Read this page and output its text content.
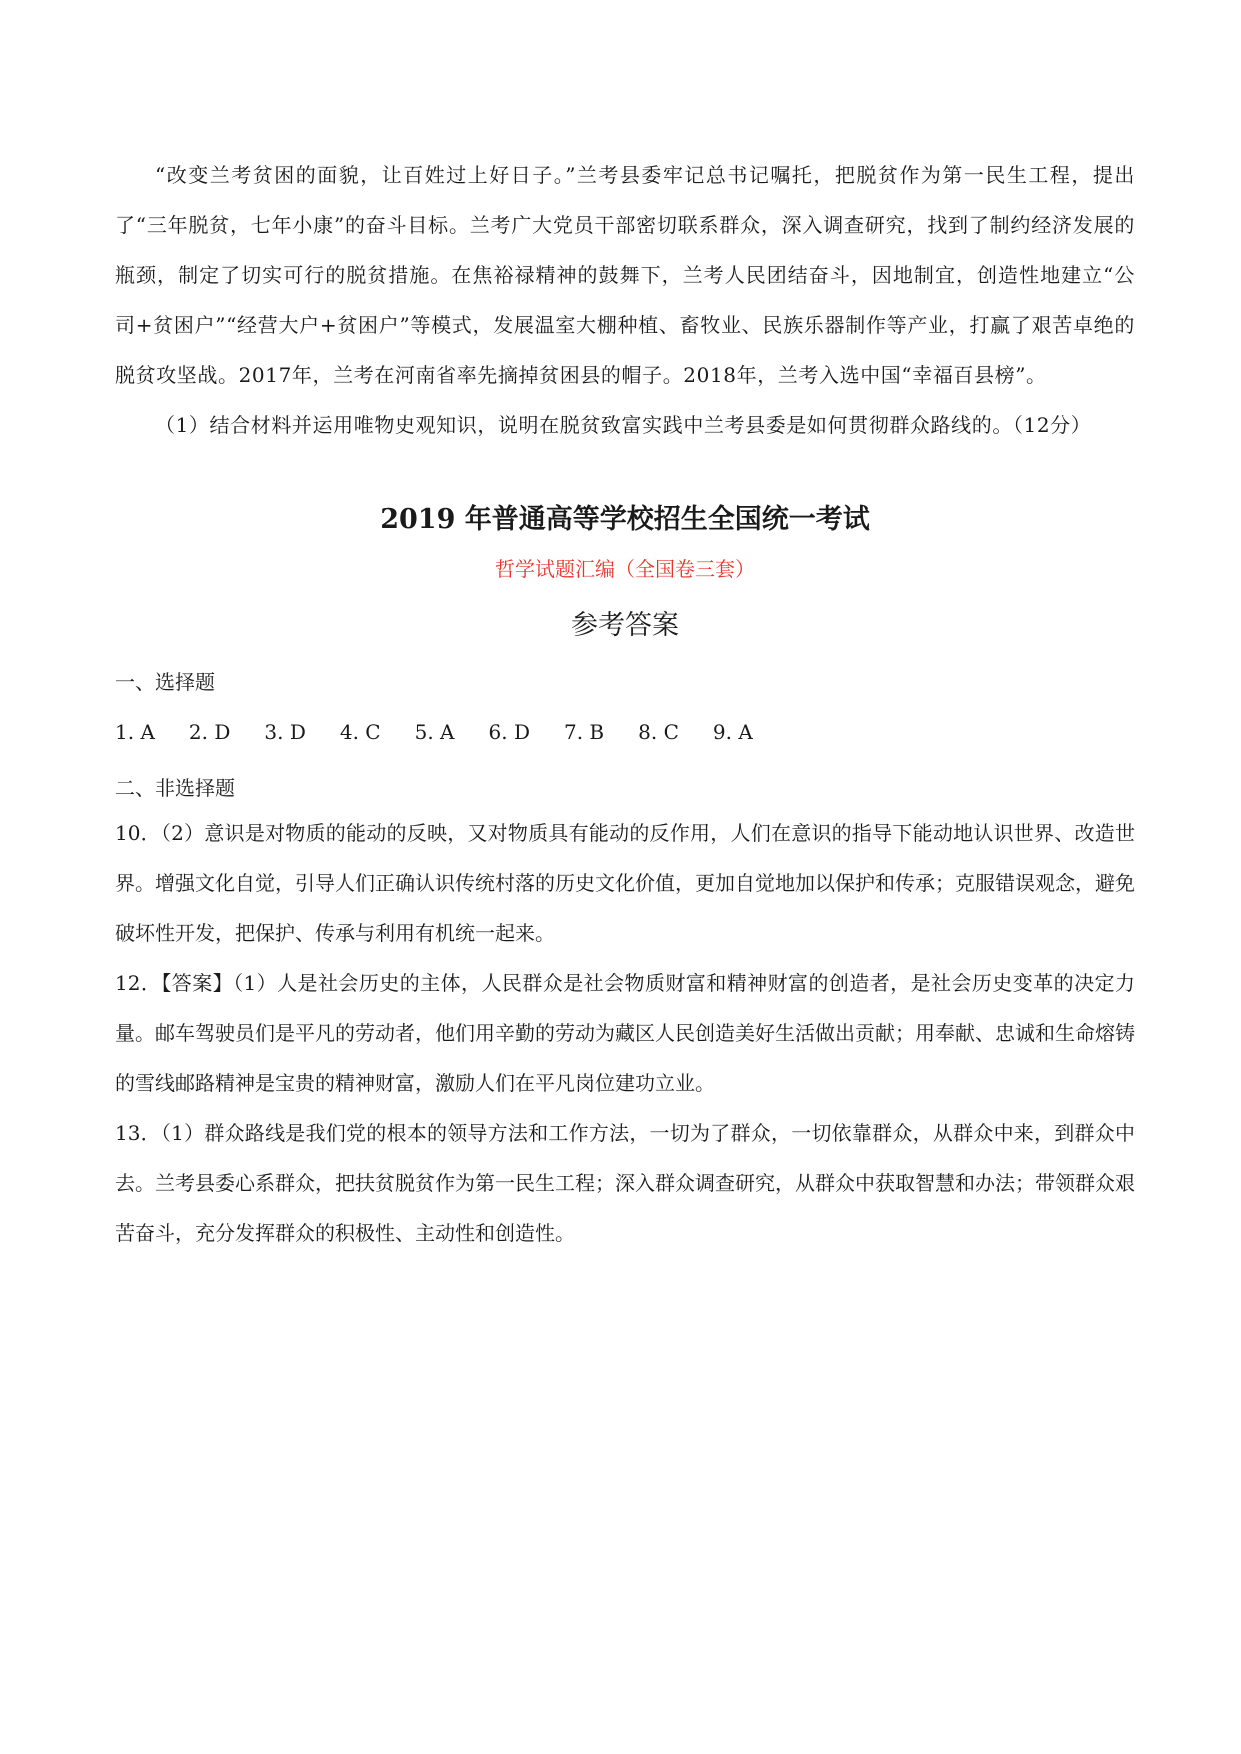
“改变兰考贫困的面貌，让百姓过上好日子。”兰考县委牢记总书记嘱托，把脱贫作为第一民生工程，提出了“三年脱贫，七年小康”的奋斗目标。兰考广大党员干部密切联系群众，深入调查研究，找到了制约经济发展的瓶颈，制定了切实可行的脱贫措施。在焦裕禄精神的鼓舞下，兰考人民团结奋斗，因地制宜，创造性地建立“公司+贫困户”“经营大户+贫困户”等模式，发展温室大棚种植、畜牧业、民族乐器制作等产业，打赢了艰苦卓绝的脱贫攻坚战。2017年，兰考在河南省率先摘掉贫困县的帽子。2018年，兰考入选中国“幸福百县榜”。

（1）结合材料并运用唯物史观知识，说明在脱贫致富实践中兰考县委是如何贯彻群众路线的。（12分）

2019 年普通高等学校招生全国统一考试
哲学试题汇编（全国卷三套）
参考答案
一、选择题
1. A 2. D 3. D 4. C 5. A 6. D 7. B 8. C 9. A
二、非选择题

10．（2）意识是对物质的能动的反映，又对物质具有能动的反作用，人们在意识的指导下能动地认识世界、改造世界。增强文化自觉，引导人们正确认识传统村落的历史文化价值，更加自觉地加以保护和传承；克服错误观念，避免破坏性开发，把保护、传承与利用有机统一起来。

12．【答案】（1）人是社会历史的主体，人民群众是社会物质财富和精神财富的创造者，是社会历史变革的决定力量。邮车驾驶员们是平凡的劳动者，他们用辛勤的劳动为藏区人民创造美好生活做出贡献；用奉献、忠诚和生命熔铸的雪线邮路精神是宝贵的精神财富，激励人们在平凡岗位建功立业。

13．（1）群众路线是我们党的根本的领导方法和工作方法，一切为了群众，一切依靠群众，从群众中来，到群众中去。兰考县委心系群众，把扶贫脱贫作为第一民生工程；深入群众调查研究，从群众中获取智慧和办法；带领群众艰苦奋斗，充分发挥群众的积极性、主动性和创造性。
